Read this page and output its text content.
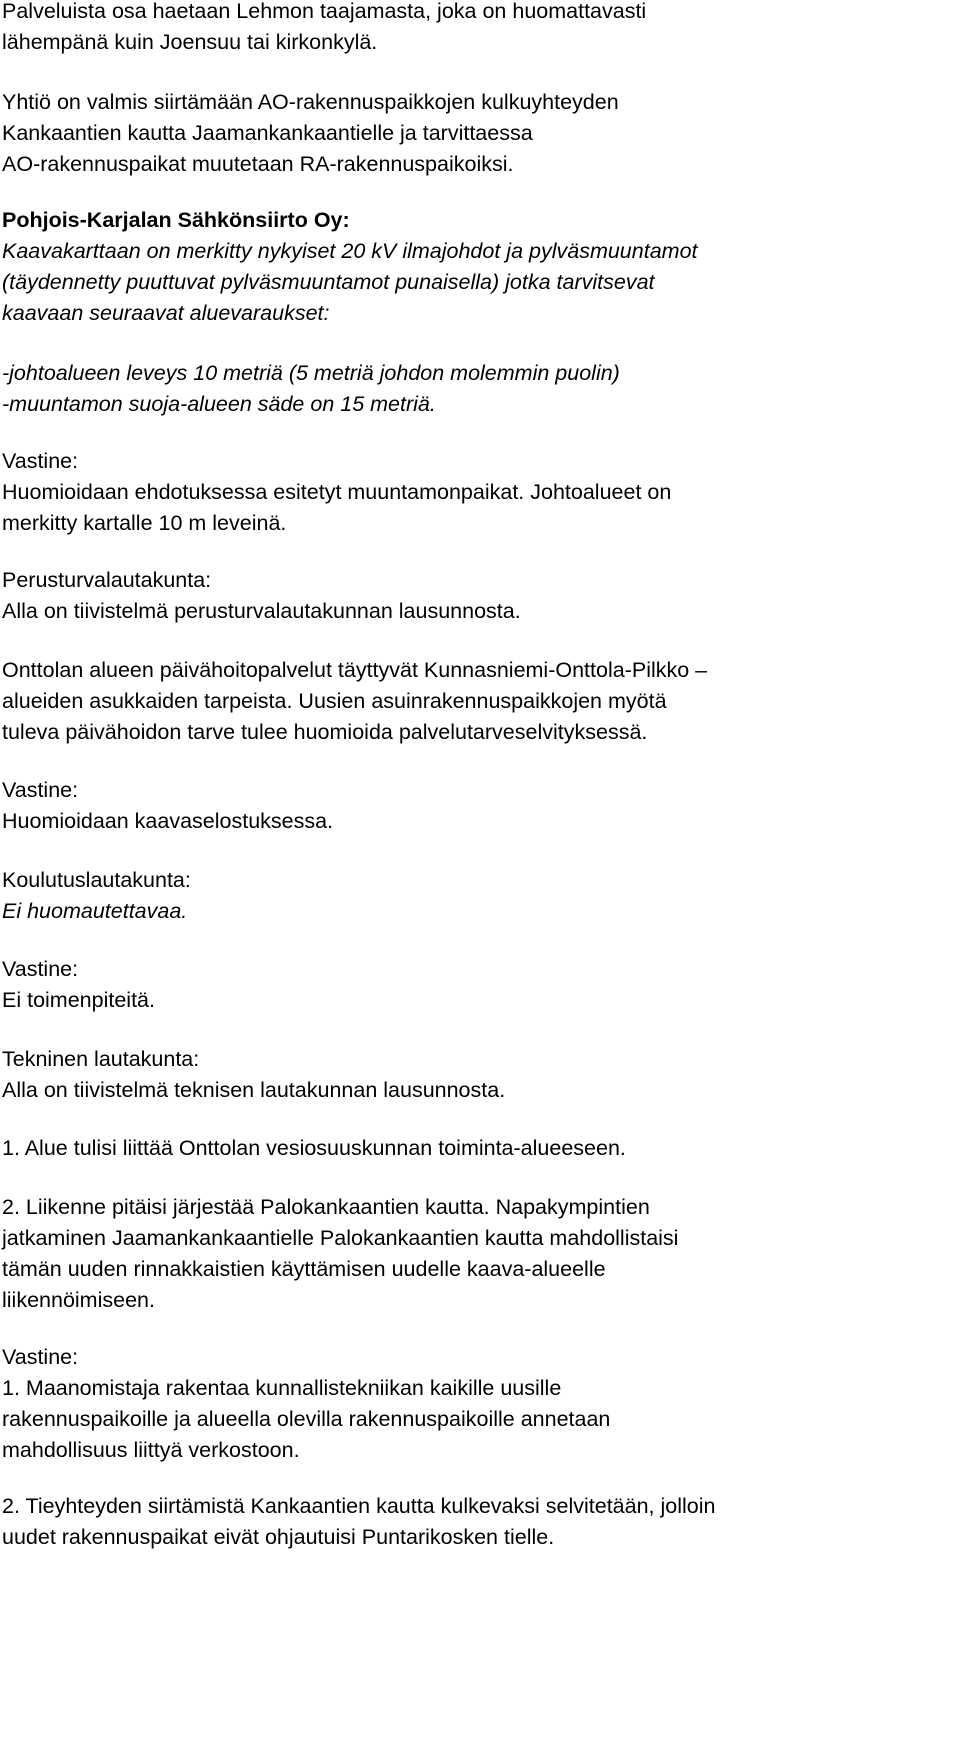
Palveluista osa haetaan Lehmon taajamasta, joka on huomattavasti
lähempänä kuin Joensuu tai kirkonkylä.

Yhtiö on valmis siirtämään AO-rakennuspaikkojen kulkuyhteyden
Kankaantien kautta Jaamankankaantielle ja tarvittaessa
AO-rakennuspaikat muutetaan RA-rakennuspaikoiksi.

Pohjois-Karjalan Sähkönsiirto Oy:

Kaavakarttaan on merkitty nykyiset 20 kV ilmajohdot ja pylväsmuuntamot
(täydennetty puuttuvat pylväsmuuntamot punaisella) jotka tarvitsevat
kaavaan seuraavat aluevaraukset:

-johtoalueen leveys 10 metriä (5 metriä johdon molemmin puolin)
-muuntamon suoja-alueen säde on 15 metriä.

Vastine:

Huomioidaan ehdotuksessa esitetyt muuntamonpaikat. Johtoalueet on
merkitty kartalle 10 m leveinä.

Perusturvalautakunta:

Alla on tiivistelmä perusturvalautakunnan lausunnosta.

Onttolan alueen päivähoitopalvelut täyttyvät Kunnasniemi-Onttola-Pilkko –
alueiden asukkaiden tarpeista. Uusien asuinrakennuspaikkojen myötä
tuleva päivähoidon tarve tulee huomioida palvelutarveselvityksessä.

Vastine:

Huomioidaan kaavaselostuksessa.

Koulutuslautakunta:

Ei huomautettavaa.

Vastine:

Ei toimenpiteitä.

Tekninen lautakunta:

Alla on tiivistelmä teknisen lautakunnan lausunnosta.

1. Alue tulisi liittää Onttolan vesiosuuskunnan toiminta-alueeseen.

2. Liikenne pitäisi järjestää Palokankaantien kautta. Napakympintien
jatkaminen Jaamankankaantielle Palokankaantien kautta mahdollistaisi
tämän uuden rinnakkaistien käyttämisen uudelle kaava-alueelle
liikennöimiseen.

Vastine:

1. Maanomistaja rakentaa kunnallistekniikan kaikille uusille
rakennuspaikoille ja alueella olevilla rakennuspaikoille annetaan
mahdollisuus liittyä verkostoon.

2. Tieyhteyden siirtämistä Kankaantien kautta kulkevaksi selvitetään, jolloin
uudet rakennuspaikat eivät ohjautuisi Puntarikosken tielle.
